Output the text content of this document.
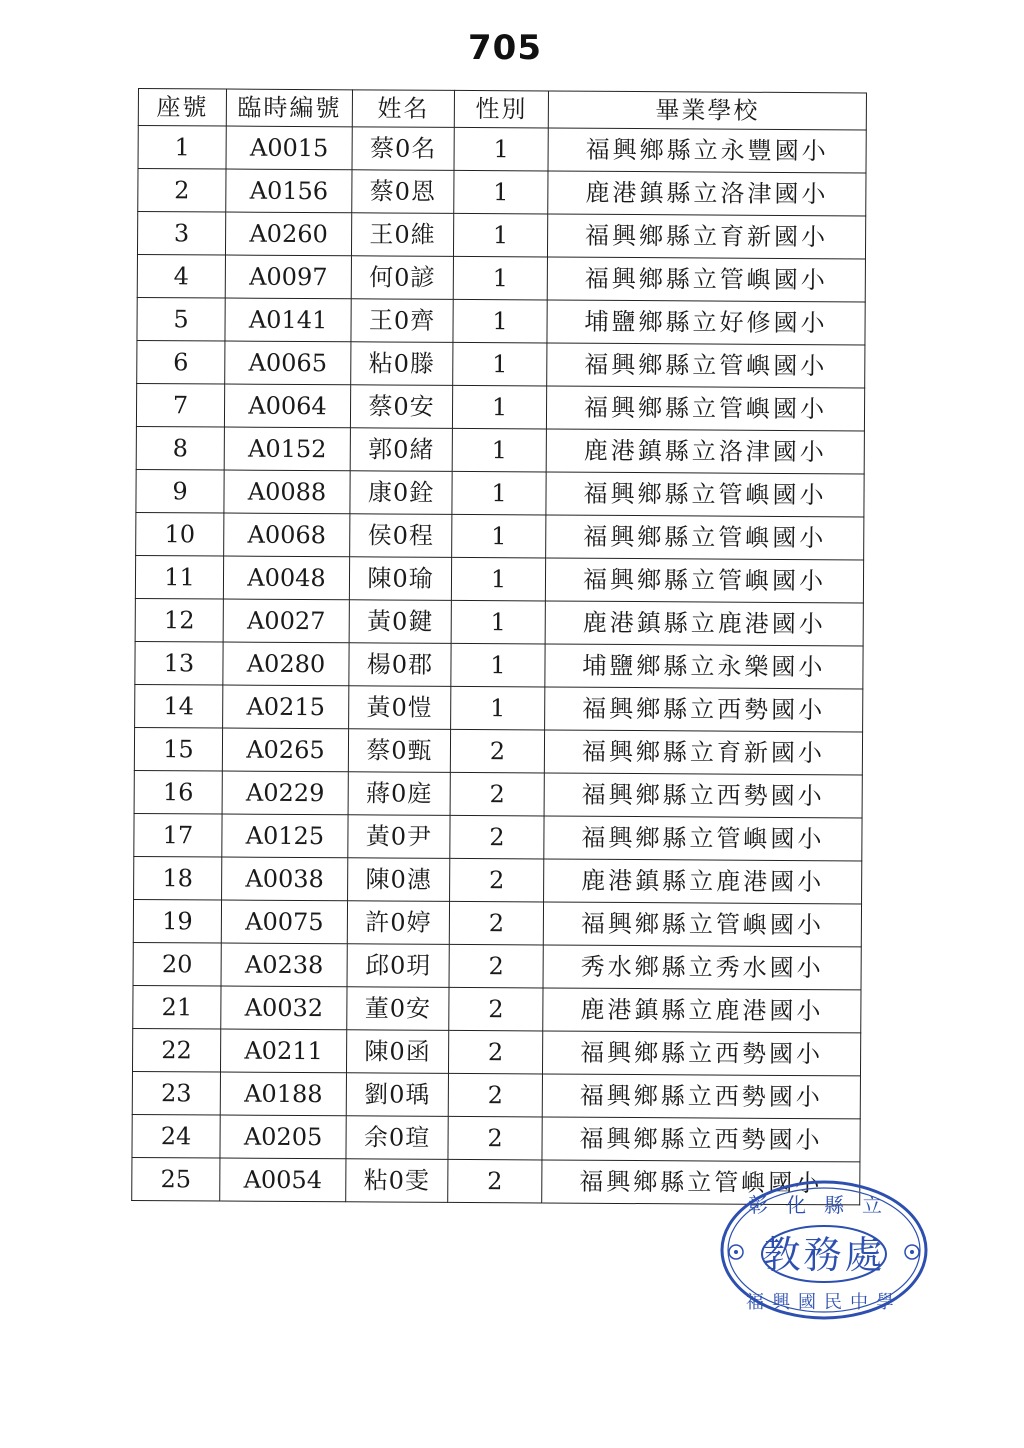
705
座號	臨時編號	姓名	性別	畢業學校
1	A0015	蔡0名	1	福興鄉縣立永豐國小
2	A0156	蔡0恩	1	鹿港鎮縣立洛津國小
3	A0260	王0維	1	福興鄉縣立育新國小
4	A0097	何0諺	1	福興鄉縣立管嶼國小
5	A0141	王0齊	1	埔鹽鄉縣立好修國小
6	A0065	粘0滕	1	福興鄉縣立管嶼國小
7	A0064	蔡0安	1	福興鄉縣立管嶼國小
8	A0152	郭0緒	1	鹿港鎮縣立洛津國小
9	A0088	康0銓	1	福興鄉縣立管嶼國小
10	A0068	侯0程	1	福興鄉縣立管嶼國小
11	A0048	陳0瑜	1	福興鄉縣立管嶼國小
12	A0027	黃0鍵	1	鹿港鎮縣立鹿港國小
13	A0280	楊0郡	1	埔鹽鄉縣立永樂國小
14	A0215	黃0愷	1	福興鄉縣立西勢國小
15	A0265	蔡0甄	2	福興鄉縣立育新國小
16	A0229	蔣0庭	2	福興鄉縣立西勢國小
17	A0125	黃0尹	2	福興鄉縣立管嶼國小
18	A0038	陳0潓	2	鹿港鎮縣立鹿港國小
19	A0075	許0婷	2	福興鄉縣立管嶼國小
20	A0238	邱0玥	2	秀水鄉縣立秀水國小
21	A0032	董0安	2	鹿港鎮縣立鹿港國小
22	A0211	陳0函	2	福興鄉縣立西勢國小
23	A0188	劉0瑀	2	福興鄉縣立西勢國小
24	A0205	余0瑄	2	福興鄉縣立西勢國小
25	A0054	粘0雯	2	福興鄉縣立管嶼國小
教務處
彰化縣立
福興國民中學
